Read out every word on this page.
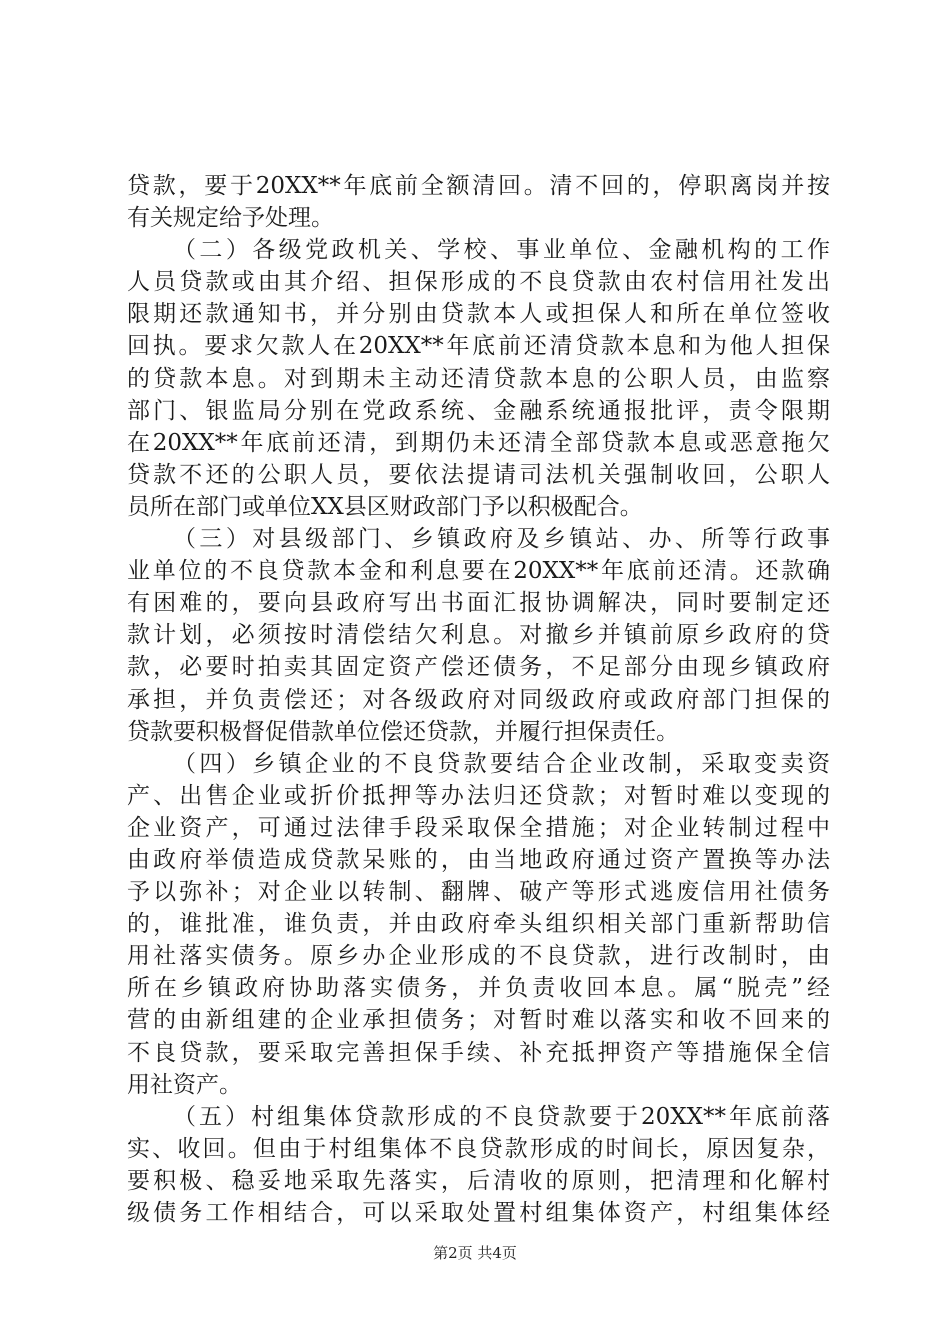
贷款，要于20XX**年底前全额清回。清不回的，停职离岗并按
有关规定给予处理。
（二）各级党政机关、学校、事业单位、金融机构的工作
人员贷款或由其介绍、担保形成的不良贷款由农村信用社发出
限期还款通知书，并分别由贷款本人或担保人和所在单位签收
回执。要求欠款人在20XX**年底前还清贷款本息和为他人担保
的贷款本息。对到期未主动还清贷款本息的公职人员，由监察
部门、银监局分别在党政系统、金融系统通报批评，责令限期
在20XX**年底前还清，到期仍未还清全部贷款本息或恶意拖欠
贷款不还的公职人员，要依法提请司法机关强制收回，公职人
员所在部门或单位XX县区财政部门予以积极配合。
（三）对县级部门、乡镇政府及乡镇站、办、所等行政事
业单位的不良贷款本金和利息要在20XX**年底前还清。还款确
有困难的，要向县政府写出书面汇报协调解决，同时要制定还
款计划，必须按时清偿结欠利息。对撤乡并镇前原乡政府的贷
款，必要时拍卖其固定资产偿还债务，不足部分由现乡镇政府
承担，并负责偿还；对各级政府对同级政府或政府部门担保的
贷款要积极督促借款单位偿还贷款，并履行担保责任。
（四）乡镇企业的不良贷款要结合企业改制，采取变卖资
产、出售企业或折价抵押等办法归还贷款；对暂时难以变现的
企业资产，可通过法律手段采取保全措施；对企业转制过程中
由政府举债造成贷款呆账的，由当地政府通过资产置换等办法
予以弥补；对企业以转制、翻牌、破产等形式逃废信用社债务
的，谁批准，谁负责，并由政府牵头组织相关部门重新帮助信
用社落实债务。原乡办企业形成的不良贷款，进行改制时，由
所在乡镇政府协助落实债务，并负责收回本息。属“脱壳”经
营的由新组建的企业承担债务；对暂时难以落实和收不回来的
不良贷款，要采取完善担保手续、补充抵押资产等措施保全信
用社资产。
（五）村组集体贷款形成的不良贷款要于20XX**年底前落
实、收回。但由于村组集体不良贷款形成的时间长，原因复杂，
要积极、稳妥地采取先落实，后清收的原则，把清理和化解村
级债务工作相结合，可以采取处置村组集体资产，村组集体经
第2页 共4页
